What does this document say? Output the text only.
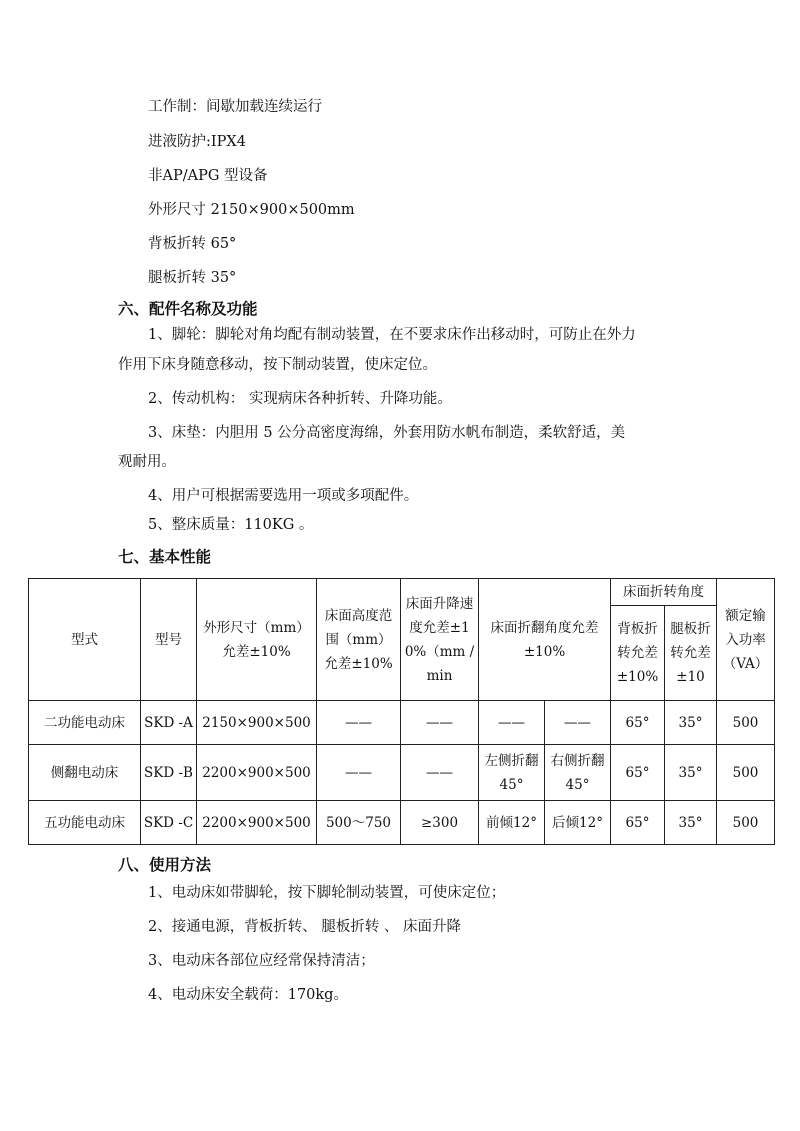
工作制：间歇加载连续运行
进液防护:IPX4
非AP/APG 型设备
外形尺寸 2150×900×500mm
背板折转 65°
腿板折转 35°
六、配件名称及功能
1、脚轮：脚轮对角均配有制动装置，在不要求床作出移动时，可防止在外力
作用下床身随意移动，按下制动装置，使床定位。
2、传动机构： 实现病床各种折转、升降功能。
3、床垫：内胆用 5 公分高密度海绵，外套用防水帆布制造，柔软舒适，美
观耐用。
4、用户可根据需要选用一项或多项配件。
5、整床质量：110KG 。
七、基本性能
型式	型号	外形尺寸（mm）允差±10%	床面高度范围（mm）允差±10%	床面升降速度允差±10%（mm / min	床面折翻角度允差±10%		床面折转角度		额定输入功率（VA）
							背板折转允差±10%	腿板折转允差±10	
二功能电动床	SKD -A	2150×900×500	——	——	——	——	65°	35°	500
侧翻电动床	SKD -B	2200×900×500	——	——	左侧折翻45°	右侧折翻45°	65°	35°	500
五功能电动床	SKD -C	2200×900×500	500～750	≥300	前倾12°	后倾12°	65°	35°	500
八、使用方法
1、电动床如带脚轮，按下脚轮制动装置，可使床定位；
2、接通电源，背板折转、 腿板折转 、 床面升降
3、电动床各部位应经常保持清洁；
4、电动床安全载荷：170kg。
